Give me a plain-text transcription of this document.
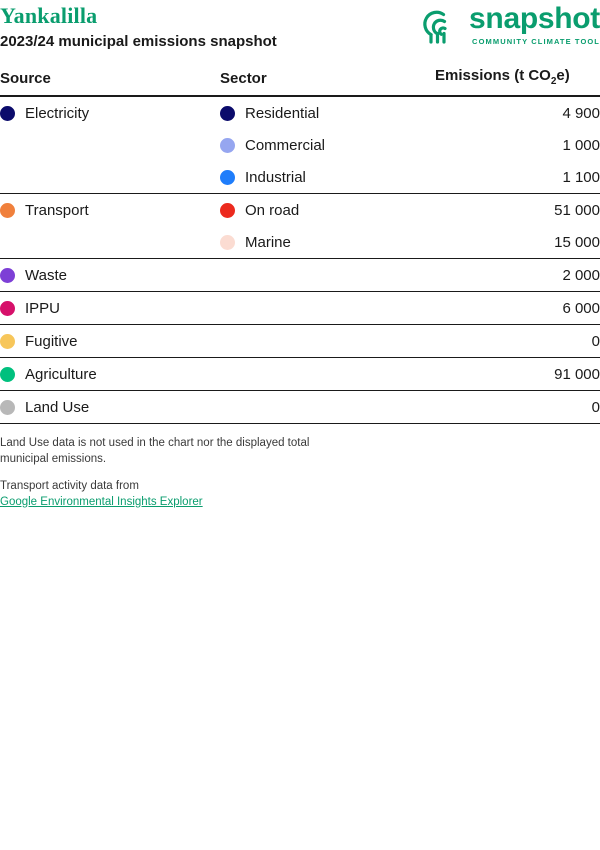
Yankalilla
2023/24 municipal emissions snapshot
snapshot
COMMUNITY CLIMATE TOOL
Source	Sector	Emissions (t $CO_2e$)

Electricity	Residential	4 900

	Commercial	1 000

	Industrial	1 100

Transport	On road	51 000

	Marine	15 000

Waste		2 000

IPPU		6 000

Fugitive		0

Agriculture		91 000

Land Use		0

Land Use data is not used in the chart nor the displayed total municipal emissions.

Transport activity data from
Google Environmental Insights Explorer
